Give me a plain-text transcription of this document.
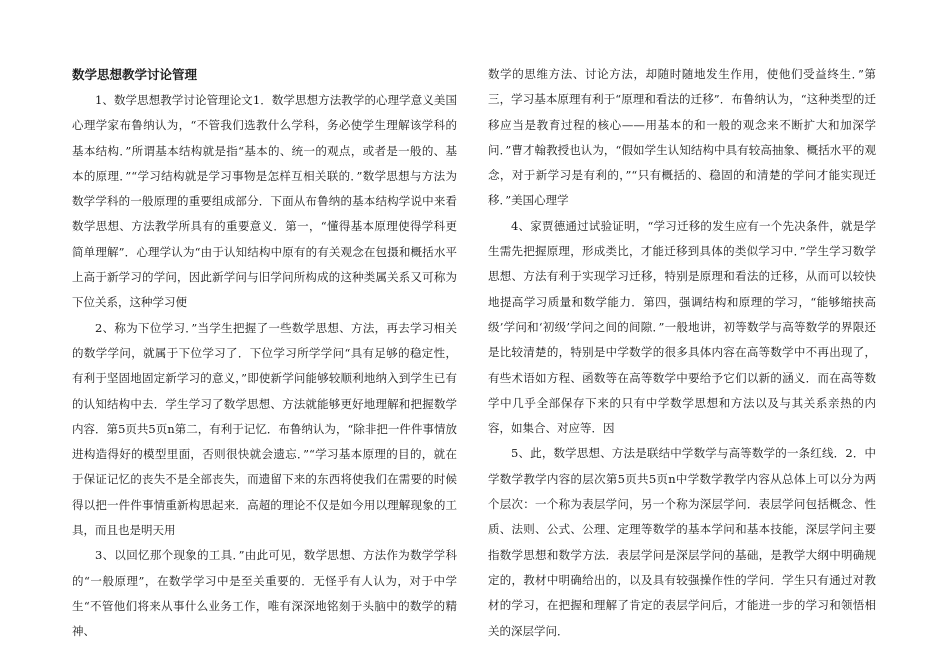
数学思想教学讨论管理

1、数学思想教学讨论管理论文1．数学思想方法教学的心理学意义美国心理学家布鲁纳认为，“不管我们选教什么学科，务必使学生理解该学科的基本结构．”所谓基本结构就是指“基本的、统一的观点，或者是一般的、基本的原理．”“学习结构就是学习事物是怎样互相关联的．”数学思想与方法为数学学科的一般原理的重要组成部分．下面从布鲁纳的基本结构学说中来看数学思想、方法教学所具有的重要意义．第一，“懂得基本原理使得学科更简单理解”．心理学认为“由于认知结构中原有的有关观念在包摄和概括水平上高于新学习的学问，因此新学问与旧学问所构成的这种类属关系又可称为下位关系，这种学习便

2、称为下位学习．”当学生把握了一些数学思想、方法，再去学习相关的数学学问，就属于下位学习了．下位学习所学学问“具有足够的稳定性，有利于坚固地固定新学习的意义，”即使新学问能够较顺利地纳入到学生已有的认知结构中去．学生学习了数学思想、方法就能够更好地理解和把握数学内容．第5页共5页n第二，有利于记忆．布鲁纳认为，“除非把一件件事情放进构造得好的模型里面，否则很快就会遗忘．”“学习基本原理的目的，就在于保证记忆的丧失不是全部丧失，而遗留下来的东西将使我们在需要的时候得以把一件件事情重新构思起来．高超的理论不仅是如今用以理解现象的工具，而且也是明天用

3、以回忆那个现象的工具．”由此可见，数学思想、方法作为数学学科的“一般原理”，在数学学习中是至关重要的．无怪乎有人认为，对于中学生“不管他们将来从事什么业务工作，唯有深深地铭刻于头脑中的数学的精神、

数学的思维方法、讨论方法，却随时随地发生作用，使他们受益终生．”第三，学习基本原理有利于“原理和看法的迁移”．布鲁纳认为，“这种类型的迁移应当是教育过程的核心——用基本的和一般的观念来不断扩大和加深学问．”曹才翰教授也认为，“假如学生认知结构中具有较高抽象、概括水平的观念，对于新学习是有利的，”“只有概括的、稳固的和清楚的学问才能实现迁移．”美国心理学

4、家贾德通过试验证明，“学习迁移的发生应有一个先决条件，就是学生需先把握原理，形成类比，才能迁移到具体的类似学习中．”学生学习数学思想、方法有利于实现学习迁移，特别是原理和看法的迁移，从而可以较快地提高学习质量和数学能力．第四，强调结构和原理的学习，“能够缩挟高级’学问和‘初级’学问之间的间隙．”一般地讲，初等数学与高等数学的界限还是比较清楚的，特别是中学数学的很多具体内容在高等数学中不再出现了，有些术语如方程、函数等在高等数学中要给予它们以新的涵义．而在高等数学中几乎全部保存下来的只有中学数学思想和方法以及与其关系亲热的内容，如集合、对应等．因

5、此，数学思想、方法是联结中学数学与高等数学的一条红线．2．中学数学教学内容的层次第5页共5页n中学数学教学内容从总体上可以分为两个层次：一个称为表层学问，另一个称为深层学问．表层学问包括概念、性质、法则、公式、公理、定理等数学的基本学问和基本技能，深层学问主要指数学思想和数学方法．表层学问是深层学问的基础，是教学大纲中明确规定的，教材中明确给出的，以及具有较强操作性的学问．学生只有通过对教材的学习，在把握和理解了肯定的表层学问后，才能进一步的学习和领悟相关的深层学问．
